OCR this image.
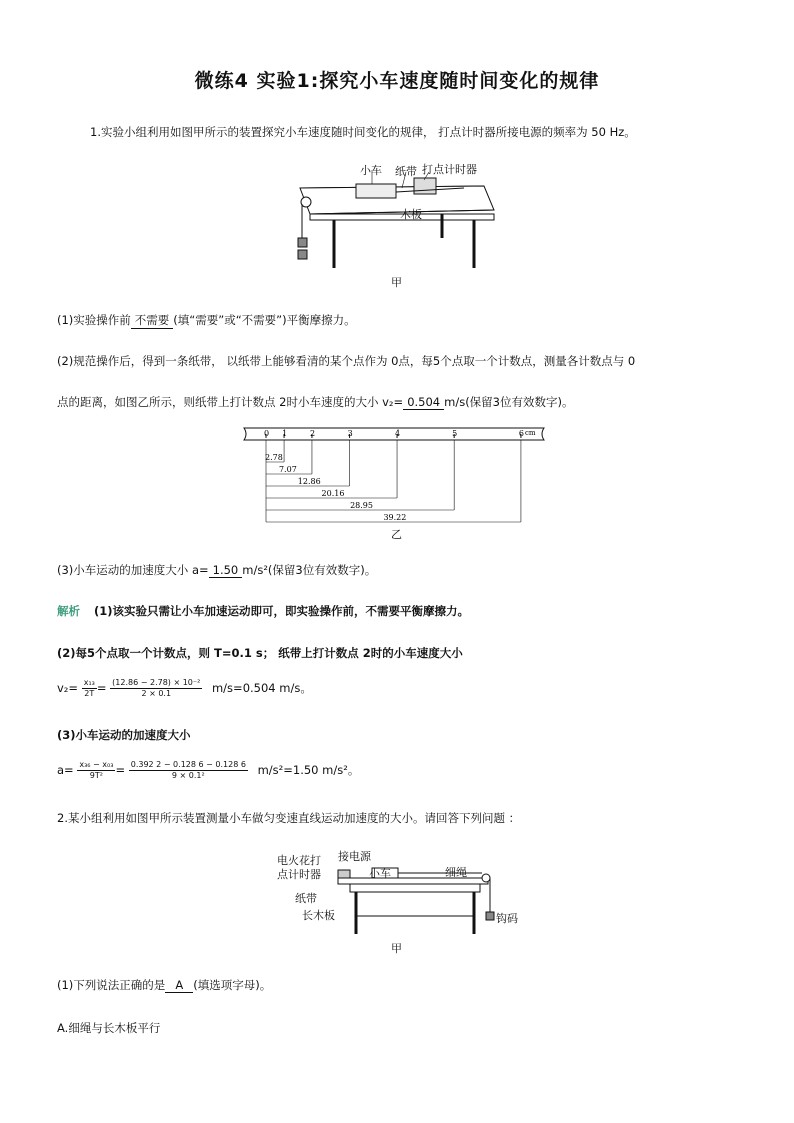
微练4 实验1:探究小车速度随时间变化的规律
1.实验小组利用如图甲所示的装置探究小车速度随时间变化的规律， 打点计时器所接电源的频率为 50 Hz。
小车 纸带 打点计时器
木板
甲
(1)实验操作前 不需要 (填“需要”或“不需要”)平衡摩擦力。
(2)规范操作后，得到一条纸带， 以纸带上能够看清的某个点作为 0点，每5个点取一个计数点，测量各计数点与 0
点的距离，如图乙所示，则纸带上打计数点 2时小车速度的大小 v₂= 0.504 m/s(保留3位有效数字)。
cm
0 1	2	3	4	5	6
2.78
7.07
12.86
20.16
28.95
39.22
乙
(3)小车运动的加速度大小 a= 1.50 m/s²(保留3位有效数字)。
解析 (1)该实验只需让小车加速运动即可，即实验操作前，不需要平衡摩擦力。
(2)每5个点取一个计数点，则 T=0.1 s； 纸带上打计数点 2时的小车速度大小
$v_2= \frac{\text{x₁₃}}{2T} = \frac{\text{(12.86 − 2.78) × 10⁻²}}{2 \times 0.1} m/s=0.504$ m/s。
(3)小车运动的加速度大小
$a= \frac{\text{x₃₆ − x₀₃}}{\text{9T²}} = \frac{0.392 2 - 0.128 6 - 0.128 6}{\text{9 × 0.1²}} m/s^2=1.50$ m/s²。
2.某小组利用如图甲所示装置测量小车做匀变速直线运动加速度的大小。请回答下列问题 ：
电火花打
点计时器
接电源
小车	细绳
纸带
长木板	钩码
甲
(1)下列说法正确的是 A (填选项字母)。
A.细绳与长木板平行
